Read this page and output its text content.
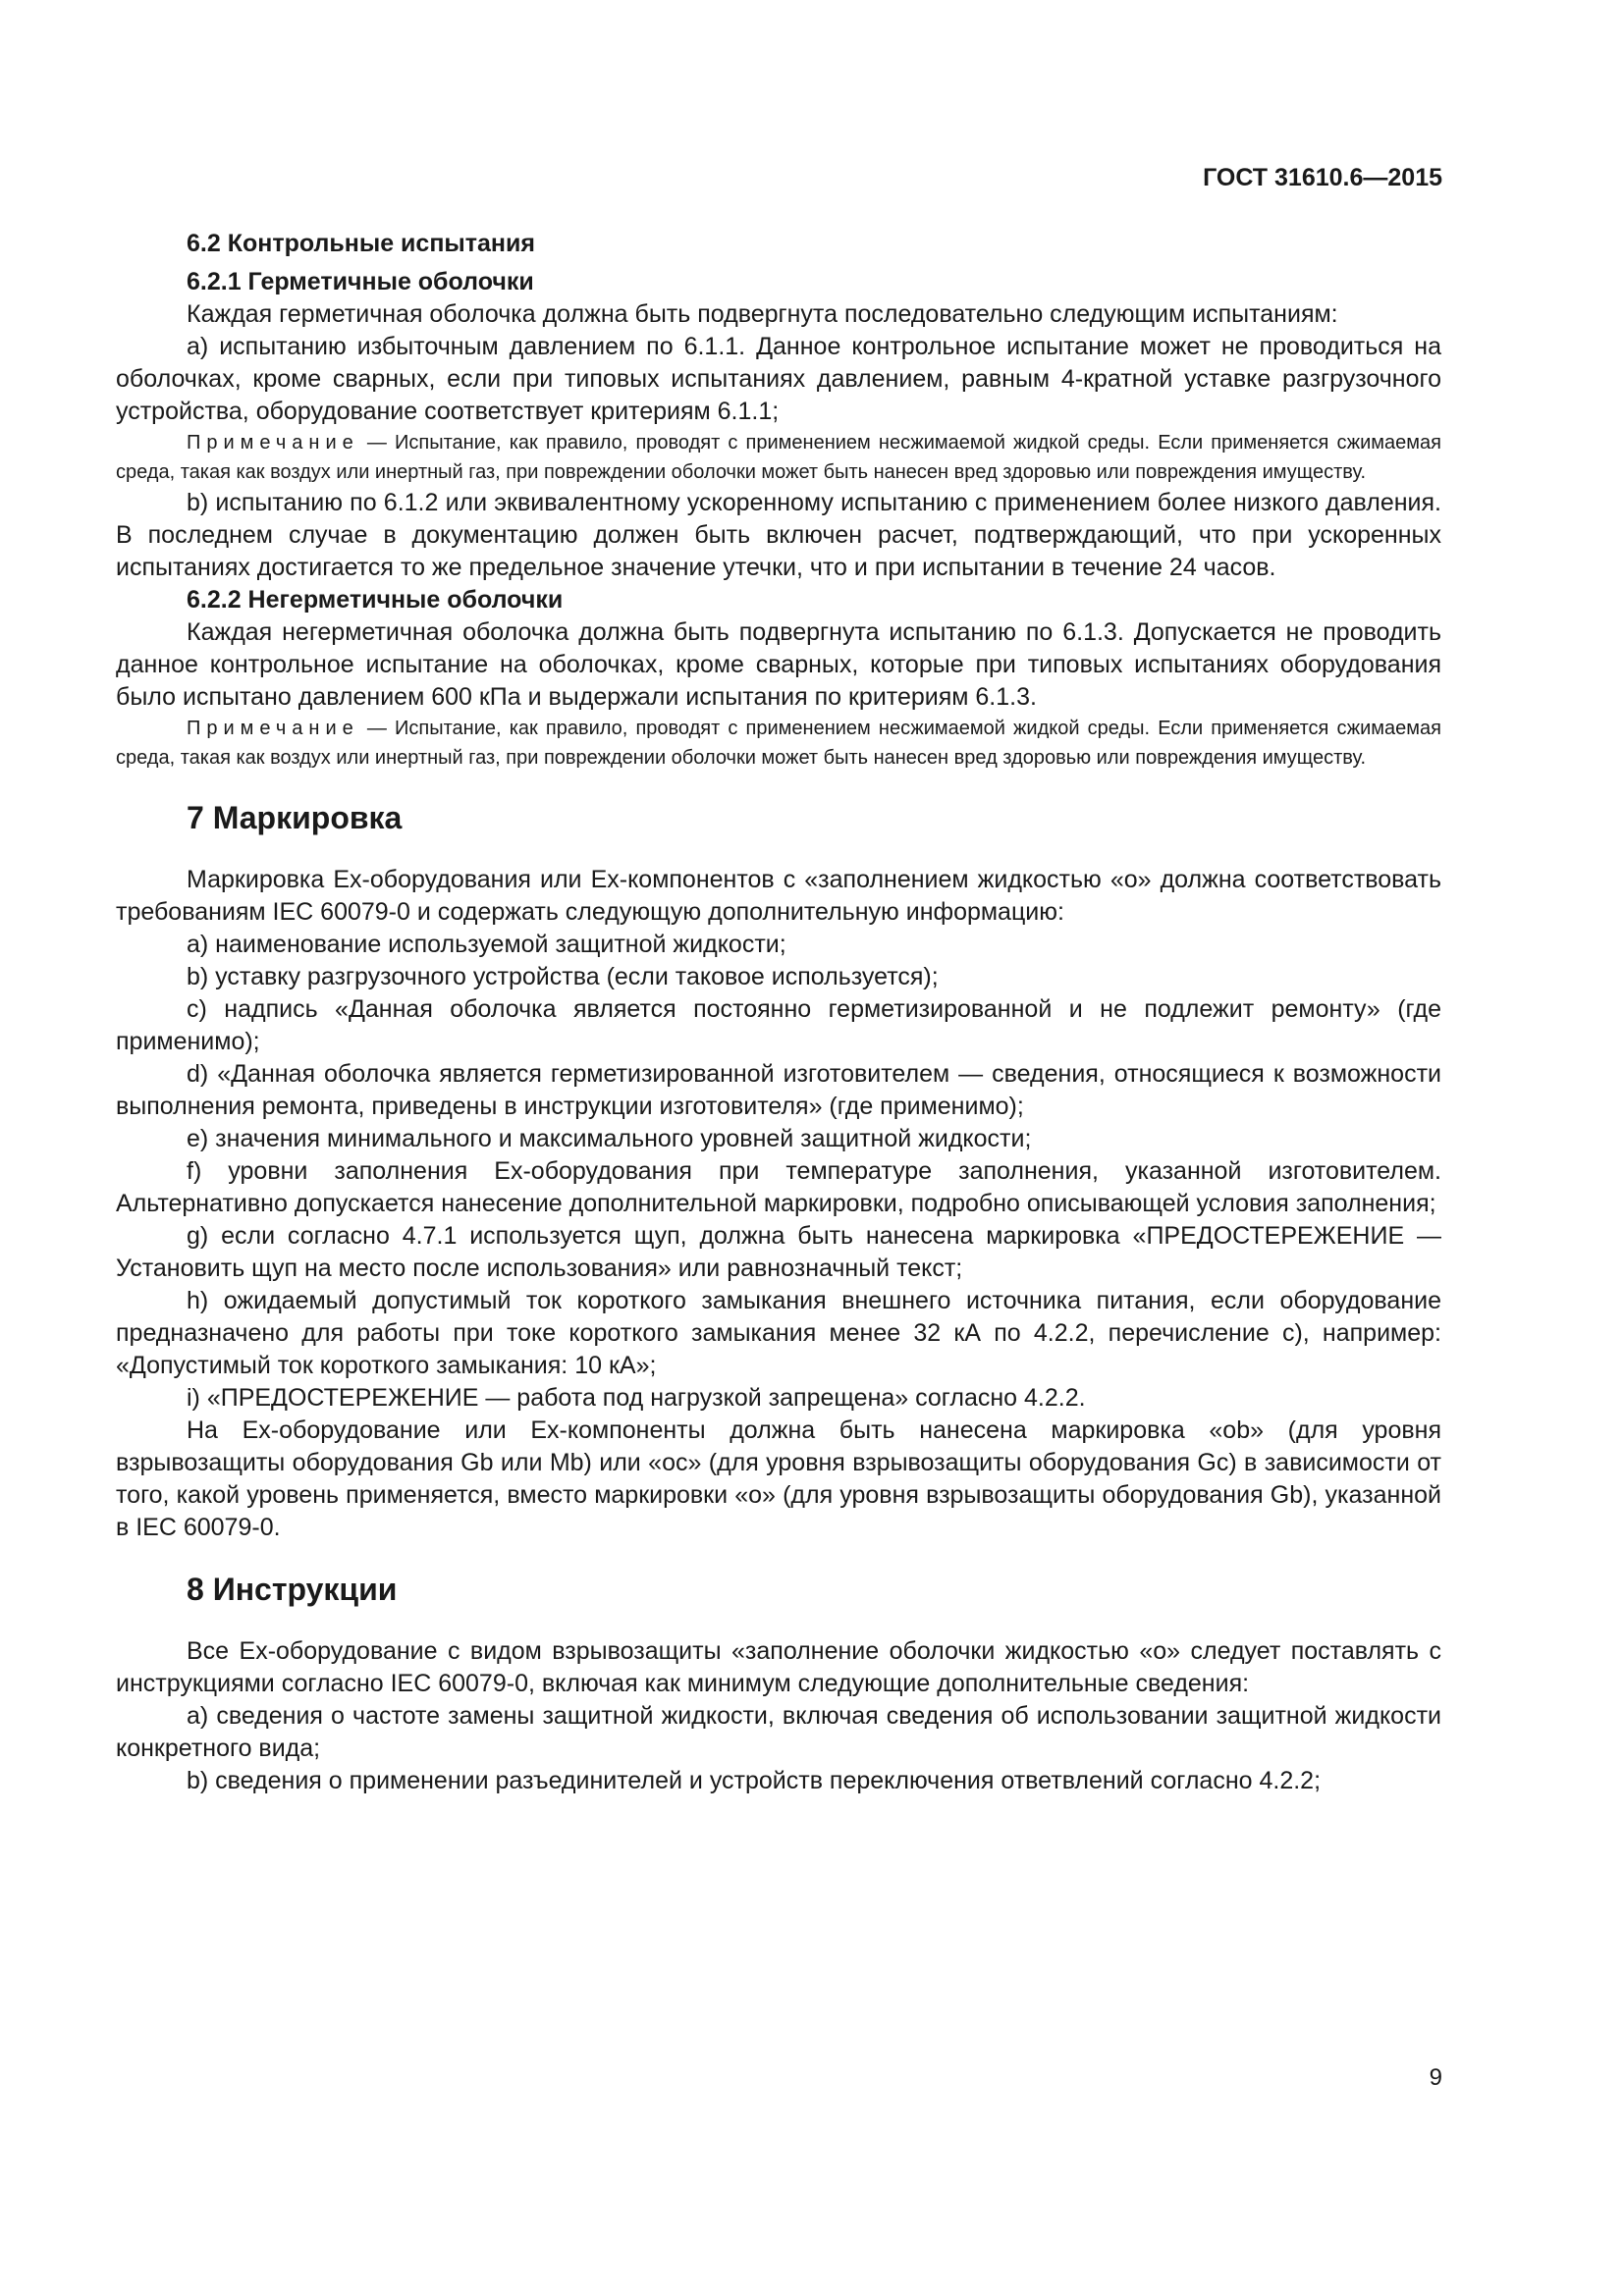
ГОСТ 31610.6—2015

6.2 Контрольные испытания

6.2.1 Герметичные оболочки

Каждая герметичная оболочка должна быть подвергнута последовательно следующим испытаниям:

a) испытанию избыточным давлением по 6.1.1. Данное контрольное испытание может не проводиться на оболочках, кроме сварных, если при типовых испытаниях давлением, равным 4-кратной уставке разгрузочного устройства, оборудование соответствует критериям 6.1.1;

Примечание — Испытание, как правило, проводят с применением несжимаемой жидкой среды. Если применяется сжимаемая среда, такая как воздух или инертный газ, при повреждении оболочки может быть нанесен вред здоровью или повреждения имуществу.

b) испытанию по 6.1.2 или эквивалентному ускоренному испытанию с применением более низкого давления. В последнем случае в документацию должен быть включен расчет, подтверждающий, что при ускоренных испытаниях достигается то же предельное значение утечки, что и при испытании в течение 24 часов.

6.2.2 Негерметичные оболочки

Каждая негерметичная оболочка должна быть подвергнута испытанию по 6.1.3. Допускается не проводить данное контрольное испытание на оболочках, кроме сварных, которые при типовых испытаниях оборудования было испытано давлением 600 кПа и выдержали испытания по критериям 6.1.3.

Примечание — Испытание, как правило, проводят с применением несжимаемой жидкой среды. Если применяется сжимаемая среда, такая как воздух или инертный газ, при повреждении оболочки может быть нанесен вред здоровью или повреждения имуществу.

7 Маркировка

Маркировка Ex-оборудования или Ex-компонентов с «заполнением жидкостью «о» должна соответствовать требованиям IEC 60079-0 и содержать следующую дополнительную информацию:

a) наименование используемой защитной жидкости;

b) уставку разгрузочного устройства (если таковое используется);

c) надпись «Данная оболочка является постоянно герметизированной и не подлежит ремонту» (где применимо);

d) «Данная оболочка является герметизированной изготовителем — сведения, относящиеся к возможности выполнения ремонта, приведены в инструкции изготовителя» (где применимо);

e) значения минимального и максимального уровней защитной жидкости;

f) уровни заполнения Ex-оборудования при температуре заполнения, указанной изготовителем. Альтернативно допускается нанесение дополнительной маркировки, подробно описывающей условия заполнения;

g) если согласно 4.7.1 используется щуп, должна быть нанесена маркировка «ПРЕДОСТЕРЕЖЕНИЕ — Установить щуп на место после использования» или равнозначный текст;

h) ожидаемый допустимый ток короткого замыкания внешнего источника питания, если оборудование предназначено для работы при токе короткого замыкания менее 32 кА по 4.2.2, перечисление с), например: «Допустимый ток короткого замыкания: 10 кА»;

i) «ПРЕДОСТЕРЕЖЕНИЕ — работа под нагрузкой запрещена» согласно 4.2.2.

На Ex-оборудование или Ex-компоненты должна быть нанесена маркировка «ob» (для уровня взрывозащиты оборудования Gb или Mb) или «oc» (для уровня взрывозащиты оборудования Gc) в зависимости от того, какой уровень применяется, вместо маркировки «о» (для уровня взрывозащиты оборудования Gb), указанной в IEC 60079-0.

8 Инструкции

Все Ex-оборудование с видом взрывозащиты «заполнение оболочки жидкостью «о» следует поставлять с инструкциями согласно IEC 60079-0, включая как минимум следующие дополнительные сведения:

a) сведения о частоте замены защитной жидкости, включая сведения об использовании защитной жидкости конкретного вида;

b) сведения о применении разъединителей и устройств переключения ответвлений согласно 4.2.2;

9
